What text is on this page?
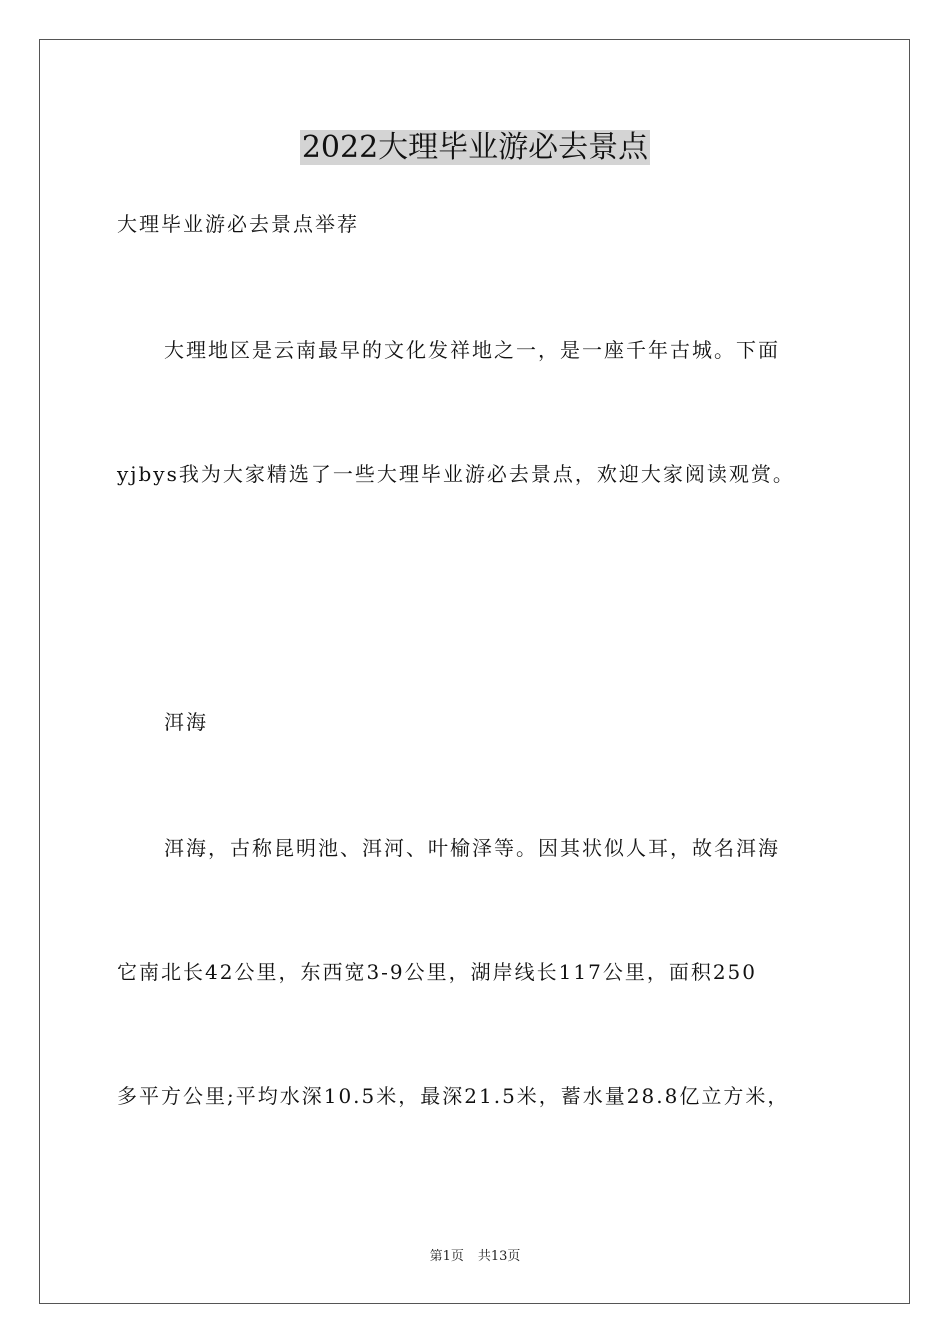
2022大理毕业游必去景点

大理毕业游必去景点举荐

大理地区是云南最早的文化发祥地之一，是一座千年古城。下面

yjbys我为大家精选了一些大理毕业游必去景点，欢迎大家阅读观赏。

洱海

洱海，古称昆明池、洱河、叶榆泽等。因其状似人耳，故名洱海

它南北长42公里，东西宽3-9公里，湖岸线长117公里，面积250

多平方公里;平均水深10.5米，最深21.5米，蓄水量28.8亿立方米，

第1页 共13页
